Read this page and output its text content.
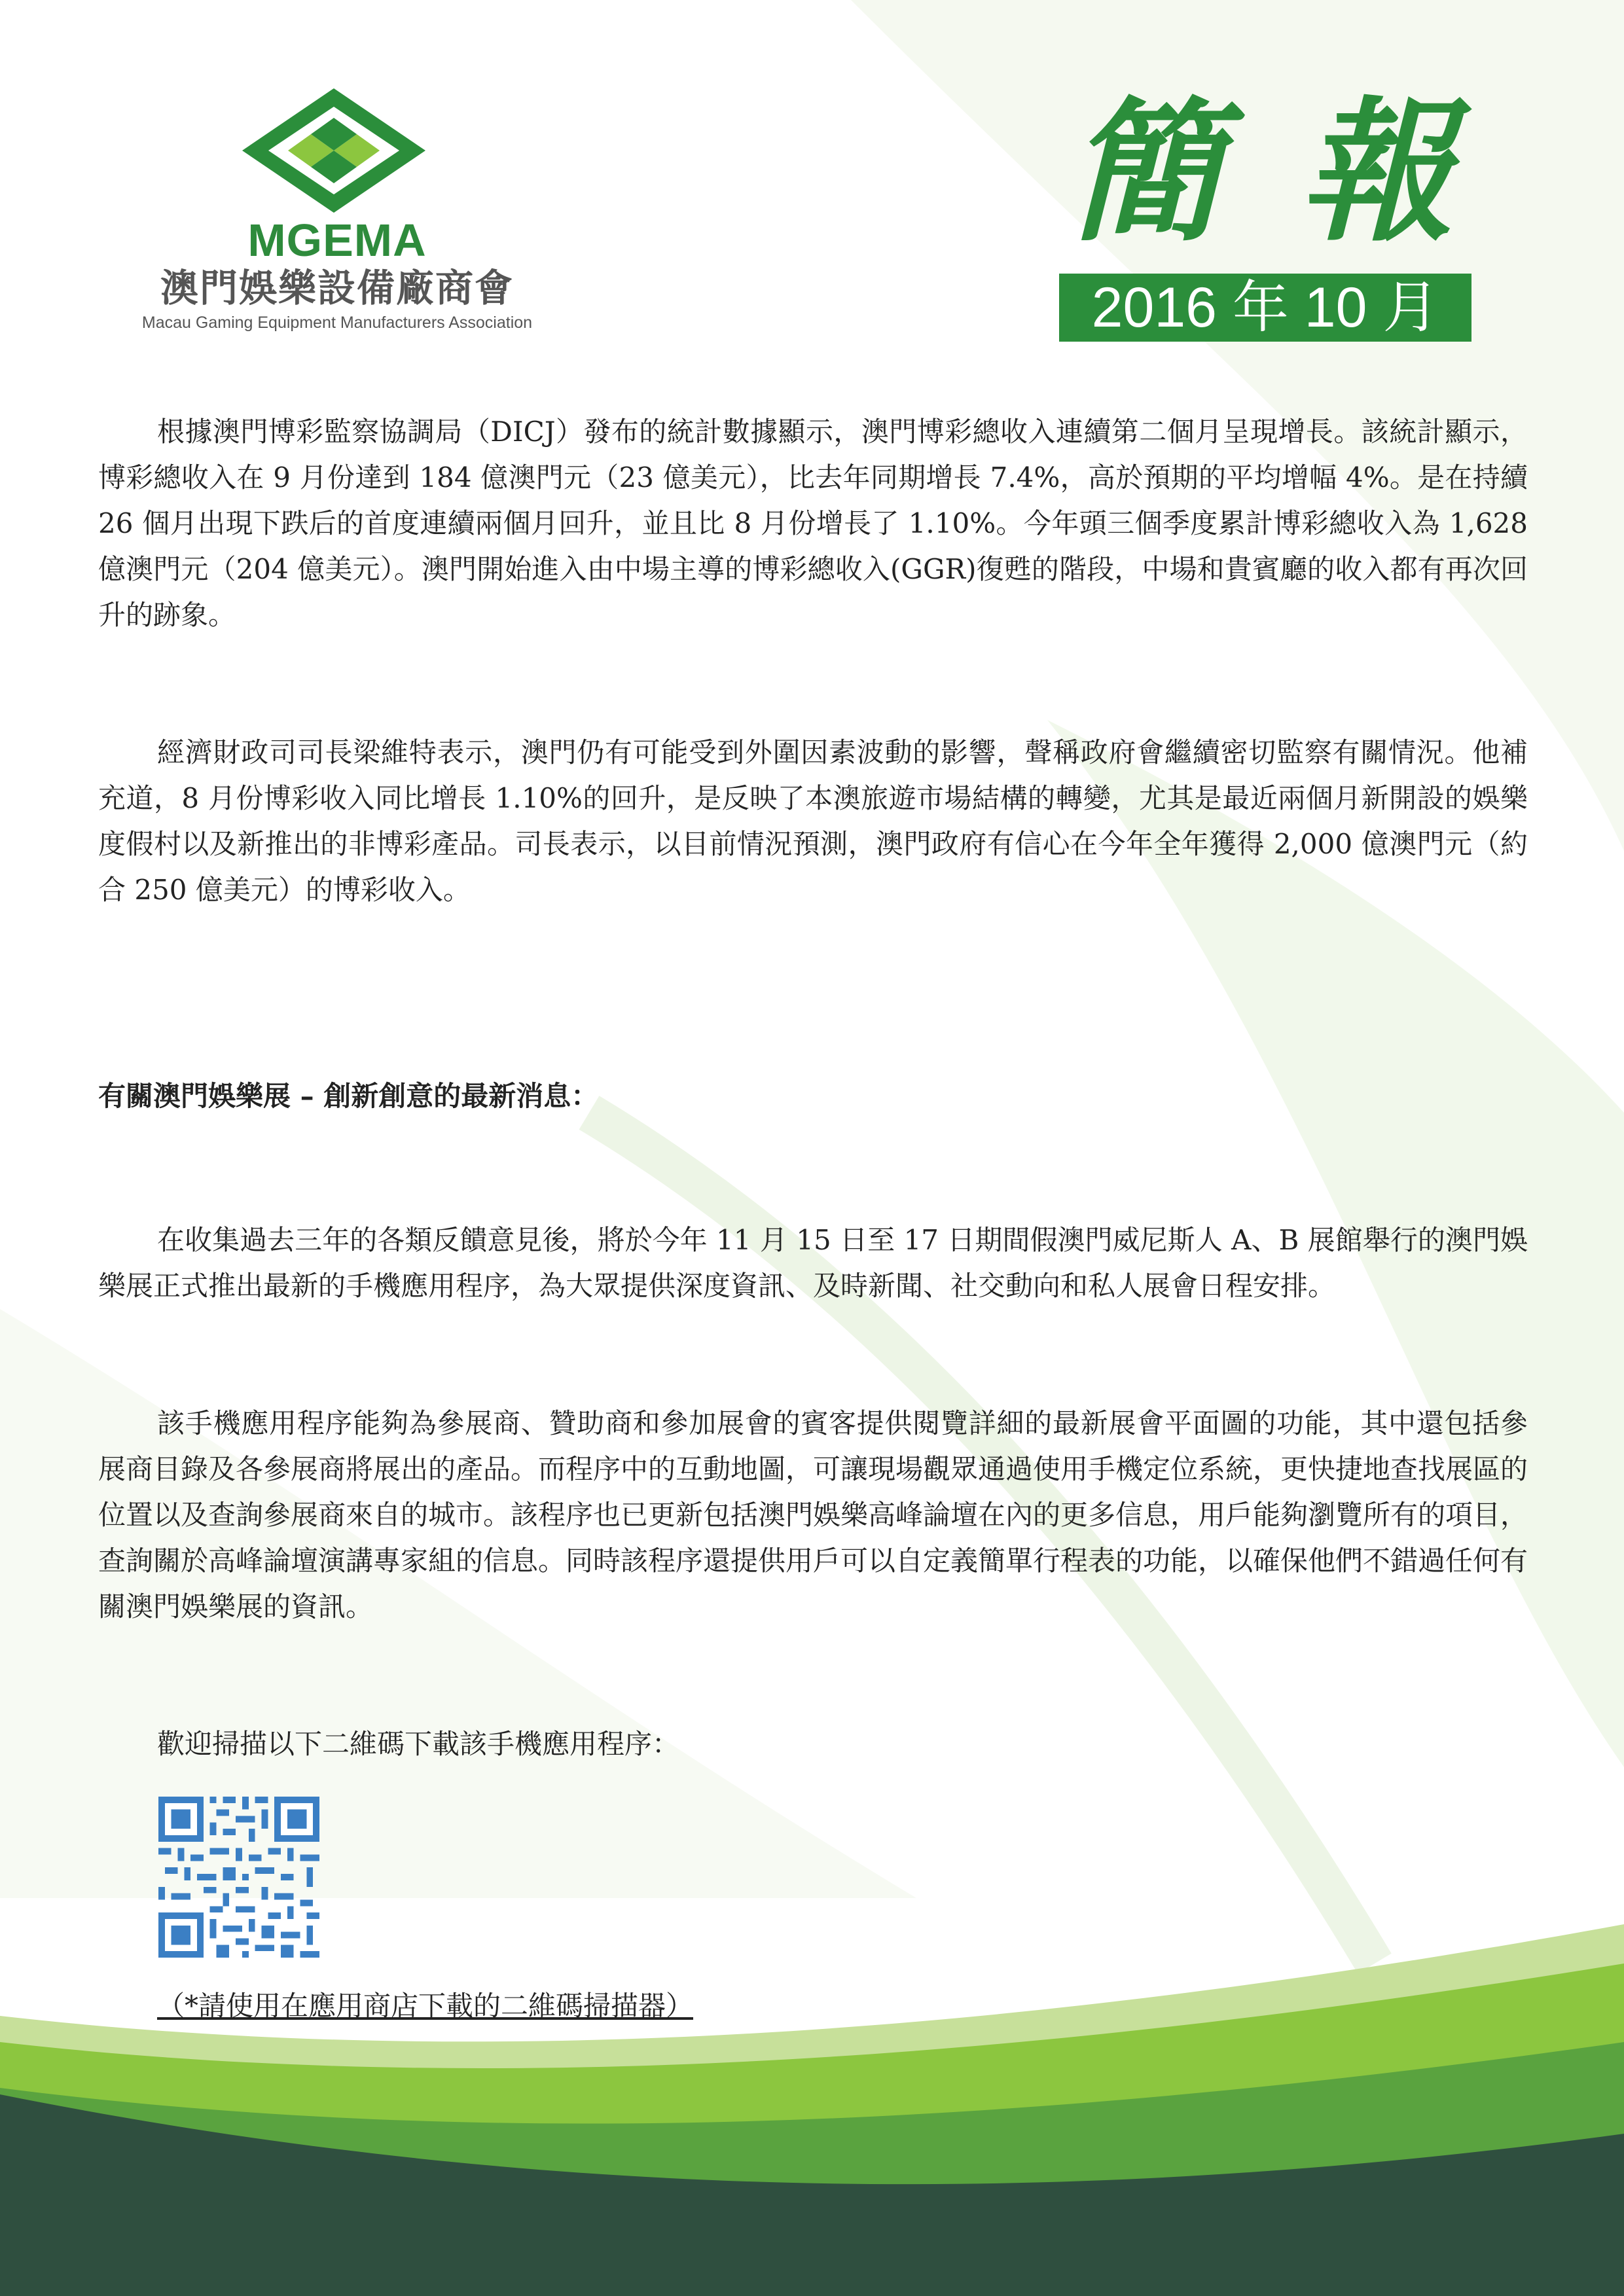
MGEMA
澳門娛樂設備廠商會
Macau Gaming Equipment Manufacturers Association
簡報
2016 年 10 月

根據澳門博彩監察協調局（DICJ）發布的統計數據顯示，澳門博彩總收入連續第二個月呈現增長。該統計顯示，博彩總收入在 9 月份達到 184 億澳門元（23 億美元），比去年同期增長 7.4%，高於預期的平均增幅 4%。是在持續 26 個月出現下跌后的首度連續兩個月回升，並且比 8 月份增長了 1.10%。今年頭三個季度累計博彩總收入為 1,628 億澳門元（204 億美元）。澳門開始進入由中場主導的博彩總收入(GGR)復甦的階段，中場和貴賓廳的收入都有再次回升的跡象。

經濟財政司司長梁維特表示，澳門仍有可能受到外圍因素波動的影響，聲稱政府會繼續密切監察有關情況。他補充道，8 月份博彩收入同比增長 1.10%的回升，是反映了本澳旅遊市場結構的轉變，尤其是最近兩個月新開設的娛樂度假村以及新推出的非博彩產品。司長表示，以目前情況預測，澳門政府有信心在今年全年獲得 2,000 億澳門元（約合 250 億美元）的博彩收入。

有關澳門娛樂展 – 創新創意的最新消息：

在收集過去三年的各類反饋意見後，將於今年 11 月 15 日至 17 日期間假澳門威尼斯人 A、B 展館舉行的澳門娛樂展正式推出最新的手機應用程序，為大眾提供深度資訊、及時新聞、社交動向和私人展會日程安排。

該手機應用程序能夠為參展商、贊助商和參加展會的賓客提供閱覽詳細的最新展會平面圖的功能，其中還包括參展商目錄及各參展商將展出的產品。而程序中的互動地圖，可讓現場觀眾通過使用手機定位系統，更快捷地查找展區的位置以及查詢參展商來自的城市。該程序也已更新包括澳門娛樂高峰論壇在內的更多信息，用戶能夠瀏覽所有的項目，查詢關於高峰論壇演講專家組的信息。同時該程序還提供用戶可以自定義簡單行程表的功能，以確保他們不錯過任何有關澳門娛樂展的資訊。

歡迎掃描以下二維碼下載該手機應用程序：
（*請使用在應用商店下載的二維碼掃描器）
